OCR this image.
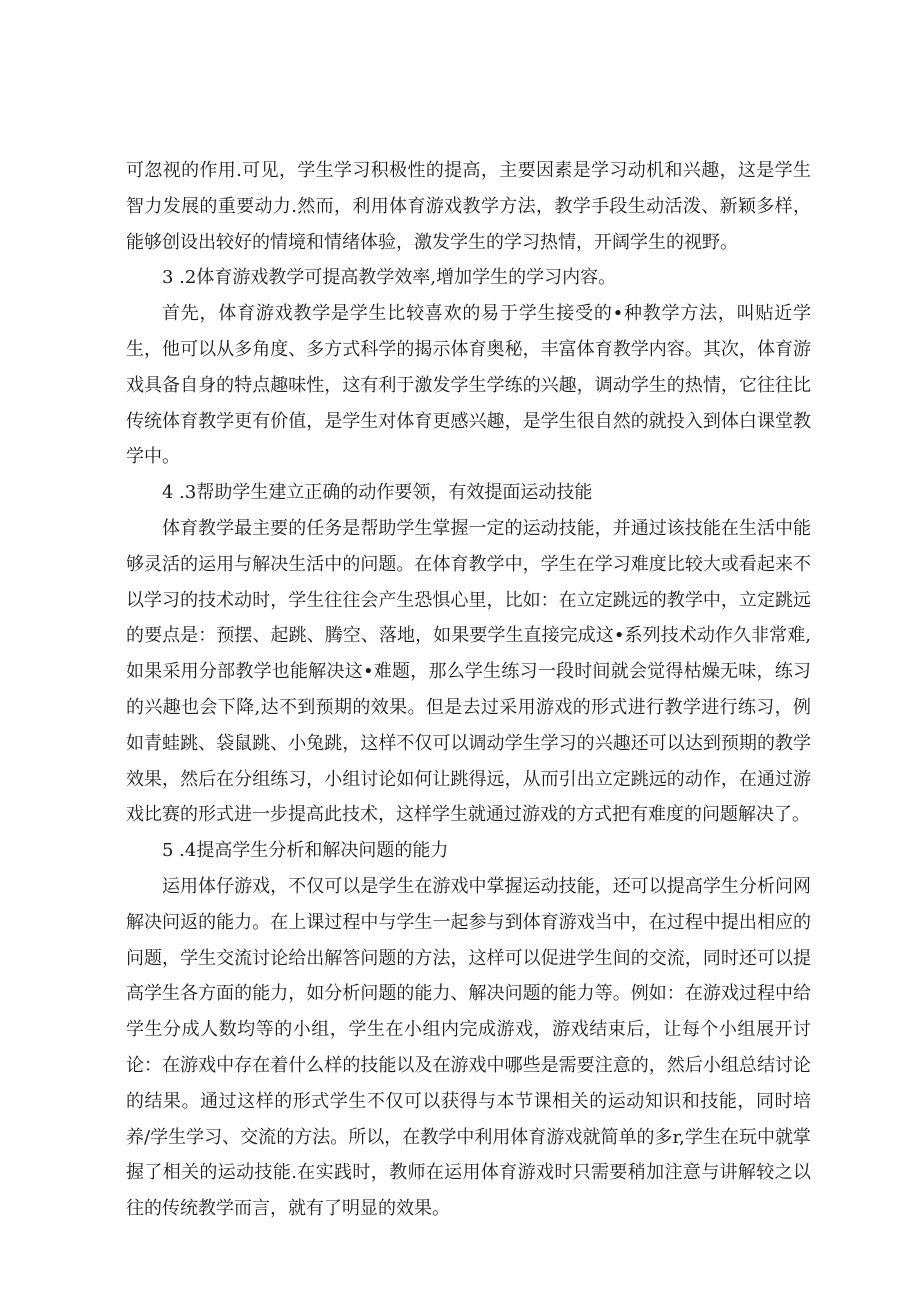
可忽视的作用.可见，学生学习积极性的提高，主要因素是学习动机和兴趣，这是学生智力发展的重要动力.然而，利用体育游戏教学方法，教学手段生动活泼、新颖多样，能够创设出较好的情境和情绪体验，激发学生的学习热情，开阔学生的视野。

3 .2体育游戏教学可提高教学效率,增加学生的学习内容。

首先，体育游戏教学是学生比较喜欢的易于学生接受的•种教学方法，叫贴近学生，他可以从多角度、多方式科学的揭示体育奥秘，丰富体育教学内容。其次，体育游戏具备自身的特点趣味性，这有利于激发学生学练的兴趣，调动学生的热情，它往往比传统体育教学更有价值，是学生对体育更感兴趣，是学生很自然的就投入到体白课堂教学中。

4 .3帮助学生建立正确的动作要领，有效提面运动技能

体育教学最主要的任务是帮助学生掌握一定的运动技能，并通过该技能在生活中能够灵活的运用与解决生活中的问题。在体育教学中，学生在学习难度比较大或看起来不以学习的技术动时，学生往往会产生恐惧心里，比如：在立定跳远的教学中，立定跳远的要点是：预摆、起跳、腾空、落地，如果要学生直接完成这•系列技术动作久非常难,如果采用分部教学也能解决这•难题，那么学生练习一段时间就会觉得枯燥无味，练习的兴趣也会下降,达不到预期的效果。但是去过采用游戏的形式进行教学进行练习，例如青蛙跳、袋鼠跳、小兔跳，这样不仅可以调动学生学习的兴趣还可以达到预期的教学效果，然后在分组练习，小组讨论如何让跳得远，从而引出立定跳远的动作，在通过游戏比赛的形式进一步提高此技术，这样学生就通过游戏的方式把有难度的问题解决了。

5 .4提高学生分析和解决问题的能力

运用体仔游戏，不仅可以是学生在游戏中掌握运动技能，还可以提高学生分析问网解决问返的能力。在上课过程中与学生一起参与到体育游戏当中，在过程中提出相应的问题，学生交流讨论给出解答问题的方法，这样可以促进学生间的交流，同时还可以提高学生各方面的能力，如分析问题的能力、解决问题的能力等。例如：在游戏过程中给学生分成人数均等的小组，学生在小组内完成游戏，游戏结束后，让每个小组展开讨论：在游戏中存在着什么样的技能以及在游戏中哪些是需要注意的，然后小组总结讨论的结果。通过这样的形式学生不仅可以获得与本节课相关的运动知识和技能，同时培养/学生学习、交流的方法。所以，在教学中利用体育游戏就简单的多r,学生在玩中就掌握了相关的运动技能.在实践时，教师在运用体育游戏时只需要稍加注意与讲解较之以往的传统教学而言，就有了明显的效果。
